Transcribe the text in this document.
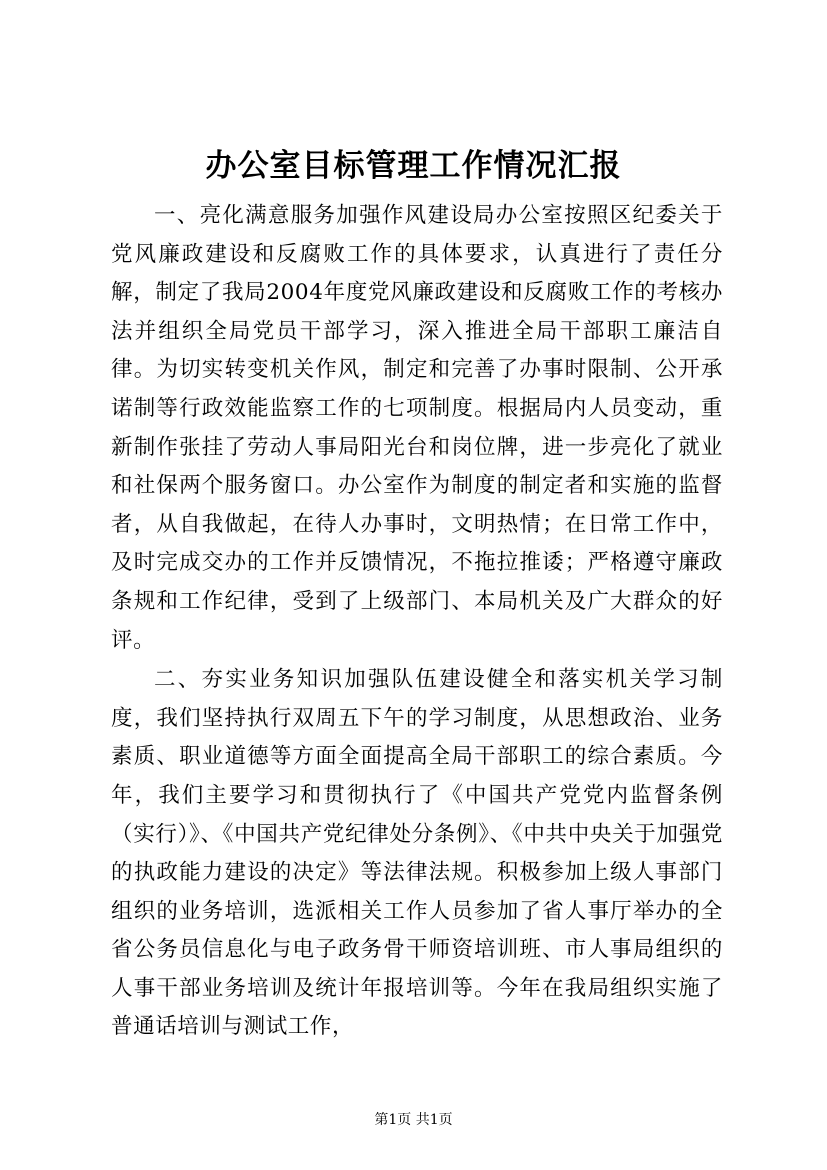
办公室目标管理工作情况汇报

一、亮化满意服务加强作风建设局办公室按照区纪委关于党风廉政建设和反腐败工作的具体要求，认真进行了责任分解，制定了我局2004年度党风廉政建设和反腐败工作的考核办法并组织全局党员干部学习，深入推进全局干部职工廉洁自律。为切实转变机关作风，制定和完善了办事时限制、公开承诺制等行政效能监察工作的七项制度。根据局内人员变动，重新制作张挂了劳动人事局阳光台和岗位牌，进一步亮化了就业和社保两个服务窗口。办公室作为制度的制定者和实施的监督者，从自我做起，在待人办事时，文明热情；在日常工作中，及时完成交办的工作并反馈情况，不拖拉推诿；严格遵守廉政条规和工作纪律，受到了上级部门、本局机关及广大群众的好评。

二、夯实业务知识加强队伍建设健全和落实机关学习制度，我们坚持执行双周五下午的学习制度，从思想政治、业务素质、职业道德等方面全面提高全局干部职工的综合素质。今年，我们主要学习和贯彻执行了《中国共产党党内监督条例（实行）》、《中国共产党纪律处分条例》、《中共中央关于加强党的执政能力建设的决定》等法律法规。积极参加上级人事部门组织的业务培训，选派相关工作人员参加了省人事厅举办的全省公务员信息化与电子政务骨干师资培训班、市人事局组织的人事干部业务培训及统计年报培训等。今年在我局组织实施了普通话培训与测试工作，

第1页 共1页
